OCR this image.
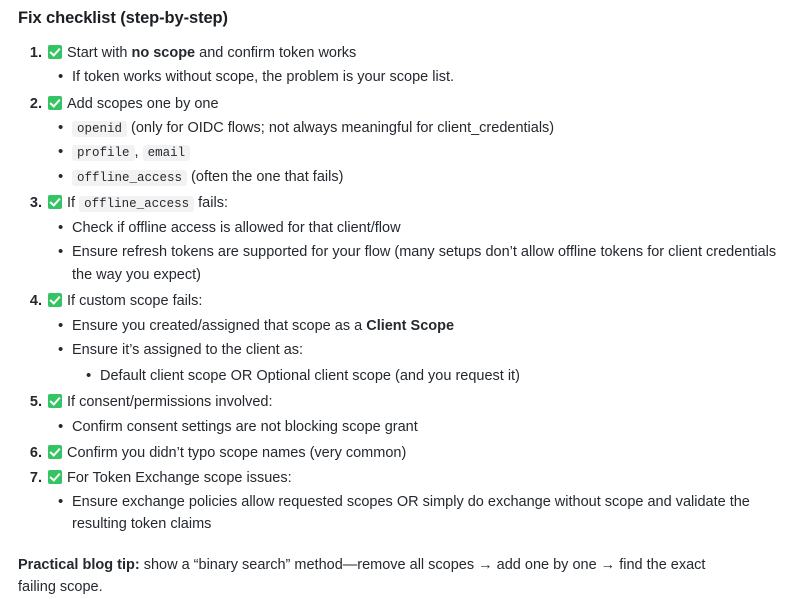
Fix checklist (step-by-step)
Start with no scope and confirm token works
• If token works without scope, the problem is your scope list.
Add scopes one by one
• openid (only for OIDC flows; not always meaningful for client_credentials)
• profile , email
• offline_access (often the one that fails)
If offline_access fails:
• Check if offline access is allowed for that client/flow
• Ensure refresh tokens are supported for your flow (many setups don’t allow offline tokens for client credentials the way you expect)
If custom scope fails:
• Ensure you created/assigned that scope as a Client Scope
• Ensure it’s assigned to the client as:
• Default client scope OR Optional client scope (and you request it)
If consent/permissions involved:
• Confirm consent settings are not blocking scope grant
Confirm you didn’t typo scope names (very common)
For Token Exchange scope issues:
• Ensure exchange policies allow requested scopes OR simply do exchange without scope and validate the resulting token claims

Practical blog tip: show a “binary search” method—remove all scopes → add one by one → find the exact failing scope.
